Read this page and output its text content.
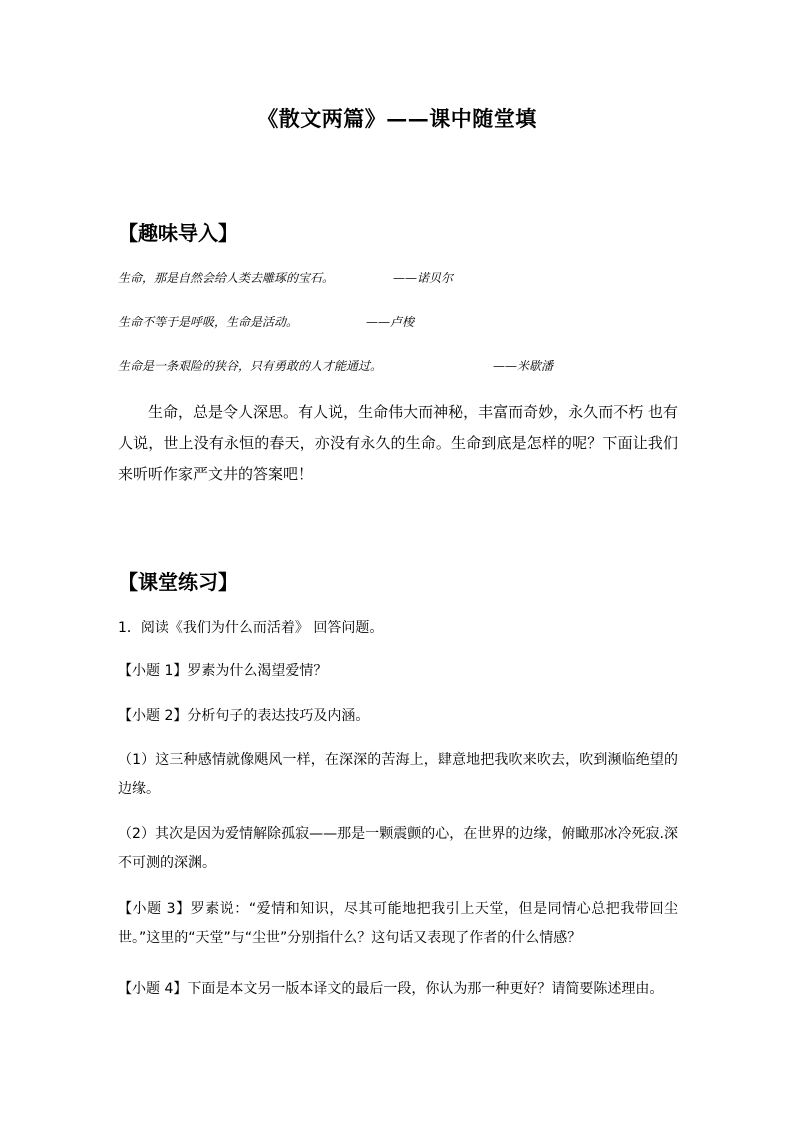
《散文两篇》——课中随堂填
【趣味导入】
生命，那是自然会给人类去雕琢的宝石。	——诺贝尔
生命不等于是呼吸，生命是活动。	——卢梭
生命是一条艰险的狭谷，只有勇敢的人才能通过。	——米歇潘
生命，总是令人深思。有人说，生命伟大而神秘，丰富而奇妙，永久而不朽 也有人说，世上没有永恒的春天，亦没有永久的生命。生命到底是怎样的呢？下面让我们来听听作家严文井的答案吧！
【课堂练习】
1．阅读《我们为什么而活着》 回答问题。
【小题 1】罗素为什么渴望爱情？
【小题 2】分析句子的表达技巧及内涵。
（1）这三种感情就像飓风一样，在深深的苦海上，肆意地把我吹来吹去，吹到濒临绝望的边缘。
（2）其次是因为爱情解除孤寂——那是一颗震颤的心，在世界的边缘，俯瞰那冰冷死寂.深不可测的深渊。
【小题 3】罗素说：“爱情和知识，尽其可能地把我引上天堂，但是同情心总把我带回尘世。”这里的“天堂”与“尘世”分别指什么？这句话又表现了作者的什么情感？
【小题 4】下面是本文另一版本译文的最后一段，你认为那一种更好？请简要陈述理由。
